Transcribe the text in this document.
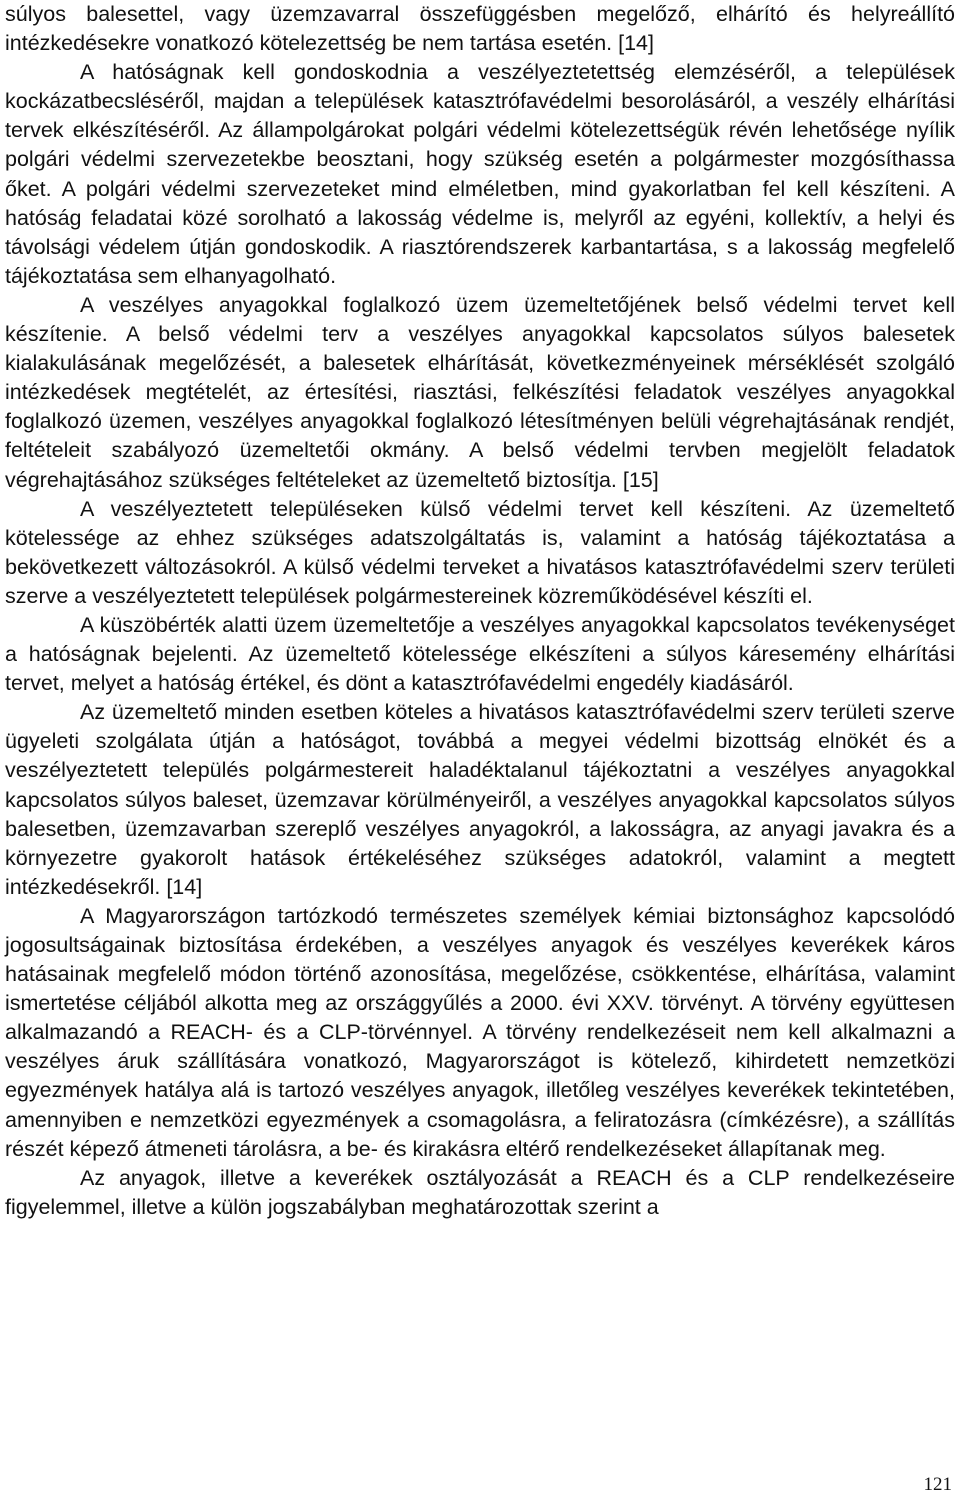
súlyos balesettel, vagy üzemzavarral összefüggésben megelőző, elhárító és helyreállító intézkedésekre vonatkozó kötelezettség be nem tartása esetén. [14]

A hatóságnak kell gondoskodnia a veszélyeztetettség elemzéséről, a települések kockázatbecsléséről, majdan a települések katasztrófavédelmi besorolásáról, a veszély elhárítási tervek elkészítéséről. Az állampolgárokat polgári védelmi kötelezettségük révén lehetősége nyílik polgári védelmi szervezetekbe beosztani, hogy szükség esetén a polgármester mozgósíthassa őket. A polgári védelmi szervezeteket mind elméletben, mind gyakorlatban fel kell készíteni. A hatóság feladatai közé sorolható a lakosság védelme is, melyről az egyéni, kollektív, a helyi és távolsági védelem útján gondoskodik. A riasztórendszerek karbantartása, s a lakosság megfelelő tájékoztatása sem elhanyagolható.

A veszélyes anyagokkal foglalkozó üzem üzemeltetőjének belső védelmi tervet kell készítenie. A belső védelmi terv a veszélyes anyagokkal kapcsolatos súlyos balesetek kialakulásának megelőzését, a balesetek elhárítását, következményeinek mérséklését szolgáló intézkedések megtételét, az értesítési, riasztási, felkészítési feladatok veszélyes anyagokkal foglalkozó üzemen, veszélyes anyagokkal foglalkozó létesítményen belüli végrehajtásának rendjét, feltételeit szabályozó üzemeltetői okmány. A belső védelmi tervben megjelölt feladatok végrehajtásához szükséges feltételeket az üzemeltető biztosítja. [15]

A veszélyeztetett településeken külső védelmi tervet kell készíteni. Az üzemeltető kötelessége az ehhez szükséges adatszolgáltatás is, valamint a hatóság tájékoztatása a bekövetkezett változásokról. A külső védelmi terveket a hivatásos katasztrófavédelmi szerv területi szerve a veszélyeztetett települések polgármestereinek közreműködésével készíti el.

A küszöbérték alatti üzem üzemeltetője a veszélyes anyagokkal kapcsolatos tevékenységet a hatóságnak bejelenti. Az üzemeltető kötelessége elkészíteni a súlyos káresemény elhárítási tervet, melyet a hatóság értékel, és dönt a katasztrófavédelmi engedély kiadásáról.

Az üzemeltető minden esetben köteles a hivatásos katasztrófavédelmi szerv területi szerve ügyeleti szolgálata útján a hatóságot, továbbá a megyei védelmi bizottság elnökét és a veszélyeztetett település polgármestereit haladéktalanul tájékoztatni a veszélyes anyagokkal kapcsolatos súlyos baleset, üzemzavar körülményeiről, a veszélyes anyagokkal kapcsolatos súlyos balesetben, üzemzavarban szereplő veszélyes anyagokról, a lakosságra, az anyagi javakra és a környezetre gyakorolt hatások értékeléséhez szükséges adatokról, valamint a megtett intézkedésekről. [14]

A Magyarországon tartózkodó természetes személyek kémiai biztonsághoz kapcsolódó jogosultságainak biztosítása érdekében, a veszélyes anyagok és veszélyes keverékek káros hatásainak megfelelő módon történő azonosítása, megelőzése, csökkentése, elhárítása, valamint ismertetése céljából alkotta meg az országgyűlés a 2000. évi XXV. törvényt. A törvény együttesen alkalmazandó a REACH- és a CLP-törvénnyel. A törvény rendelkezéseit nem kell alkalmazni a veszélyes áruk szállítására vonatkozó, Magyarországot is kötelező, kihirdetett nemzetközi egyezmények hatálya alá is tartozó veszélyes anyagok, illetőleg veszélyes keverékek tekintetében, amennyiben e nemzetközi egyezmények a csomagolásra, a feliratozásra (címkézésre), a szállítás részét képező átmeneti tárolásra, a be- és kirakásra eltérő rendelkezéseket állapítanak meg.

Az anyagok, illetve a keverékek osztályozását a REACH és a CLP rendelkezéseire figyelemmel, illetve a külön jogszabályban meghatározottak szerint a

121
